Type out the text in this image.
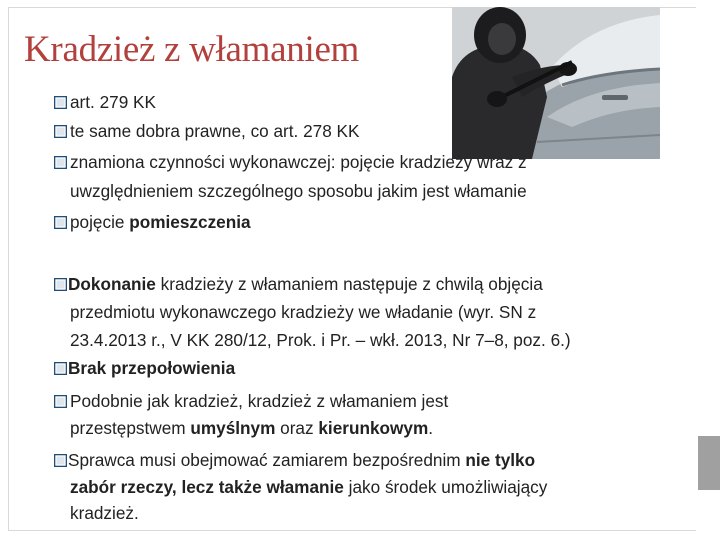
Kradzież z włamaniem
art. 279 KK
te same dobra prawne, co art. 278 KK
znamiona czynności wykonawczej: pojęcie kradzieży wraz z
uwzględnieniem szczególnego sposobu jakim jest włamanie
pojęcie pomieszczenia
Dokonanie kradzieży z włamaniem następuje z chwilą objęcia
przedmiotu wykonawczego kradzieży we władanie (wyr. SN z
23.4.2013 r., V KK 280/12, Prok. i Pr. – wkł. 2013, Nr 7–8, poz. 6.)
Brak przepołowienia
Podobnie jak kradzież, kradzież z włamaniem jest
przestępstwem umyślnym oraz kierunkowym.
Sprawca musi obejmować zamiarem bezpośrednim nie tylko
zabór rzeczy, lecz także włamanie jako środek umożliwiający
kradzież.
